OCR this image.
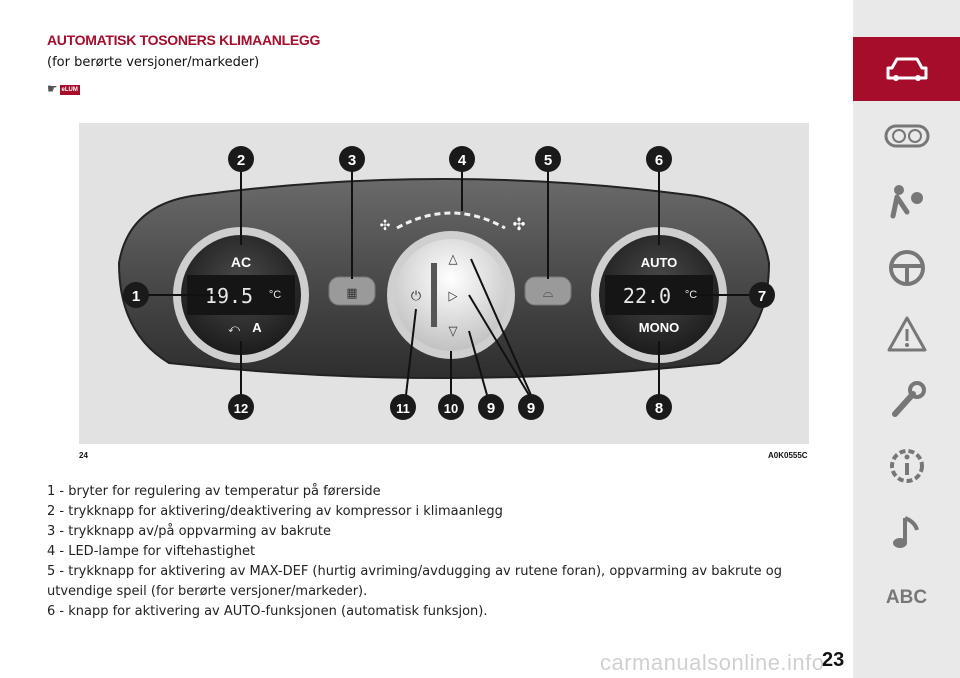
AUTOMATISK TOSONERS KLIMAANLEGG
(for berørte versjoner/markeder)
☛ eLUM
AC
19.5 °C
A
⤺
AUTO
22.0 °C
MONO
⏻
△
▷
▽
✣	✣
▦	⌓
1
2	3	4	5	6
7
8
9
9
10
11
12
24	A0K0555C
1 - bryter for regulering av temperatur på førerside
2 - trykknapp for aktivering/deaktivering av kompressor i klimaanlegg
3 - trykknapp av/på oppvarming av bakrute
4 - LED-lampe for viftehastighet
5 - trykknapp for aktivering av MAX-DEF (hurtig avriming/avdugging av rutene foran), oppvarming av bakrute og utvendige speil (for berørte versjoner/markeder).
6 - knapp for aktivering av AUTO-funksjonen (automatisk funksjon).
ABC
23
carmanualsonline.info
